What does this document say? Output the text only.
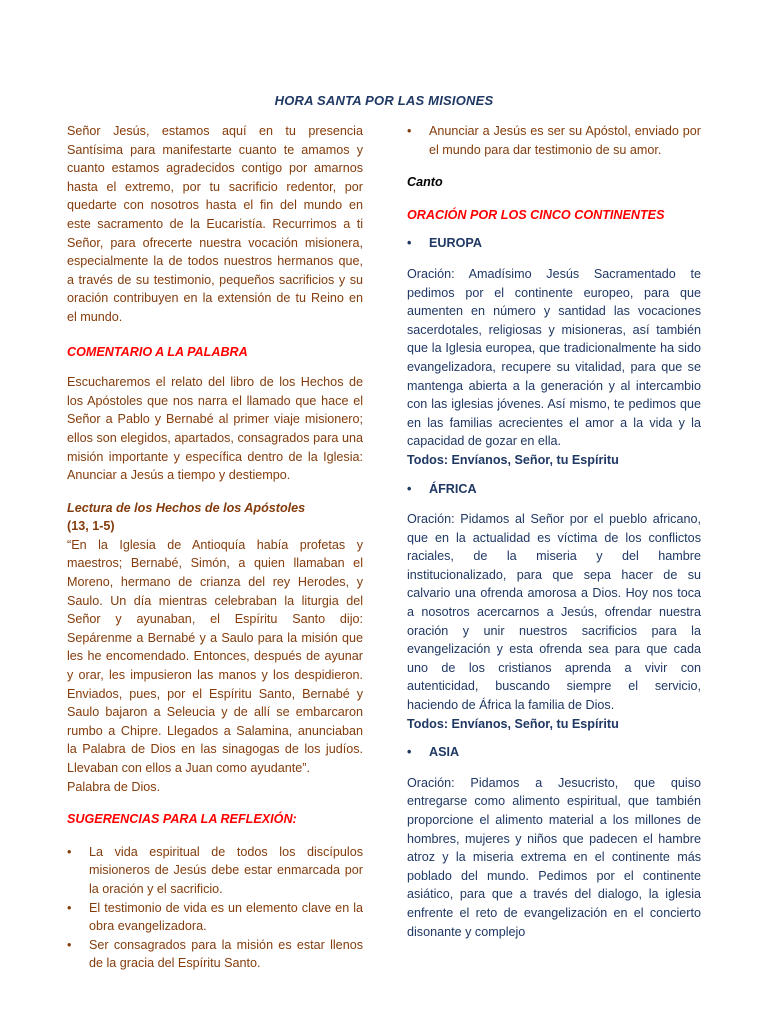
HORA SANTA POR LAS MISIONES

Señor Jesús, estamos aquí en tu presencia Santísima para manifestarte cuanto te amamos y cuanto estamos agradecidos contigo por amarnos hasta el extremo, por tu sacrificio redentor, por quedarte con nosotros hasta el fin del mundo en este sacramento de la Eucaristía. Recurrimos a ti Señor, para ofrecerte nuestra vocación misionera, especialmente la de todos nuestros hermanos que, a través de su testimonio, pequeños sacrificios y su oración contribuyen en la extensión de tu Reino en el mundo.

COMENTARIO A LA PALABRA

Escucharemos el relato del libro de los Hechos de los Apóstoles que nos narra el llamado que hace el Señor a Pablo y Bernabé al primer viaje misionero; ellos son elegidos, apartados, consagrados para una misión importante y específica dentro de la Iglesia: Anunciar a Jesús a tiempo y destiempo.

Lectura de los Hechos de los Apóstoles

(13, 1-5)

“En la Iglesia de Antioquía había profetas y maestros; Bernabé, Simón, a quien llamaban el Moreno, hermano de crianza del rey Herodes, y Saulo. Un día mientras celebraban la liturgia del Señor y ayunaban, el Espíritu Santo dijo: Sepárenme a Bernabé y a Saulo para la misión que les he encomendado. Entonces, después de ayunar y orar, les impusieron las manos y los despidieron. Enviados, pues, por el Espíritu Santo, Bernabé y Saulo bajaron a Seleucia y de allí se embarcaron rumbo a Chipre. Llegados a Salamina, anunciaban la Palabra de Dios en las sinagogas de los judíos. Llevaban con ellos a Juan como ayudante”.

Palabra de Dios.

SUGERENCIAS PARA LA REFLEXIÓN:

• La vida espiritual de todos los discípulos misioneros de Jesús debe estar enmarcada por la oración y el sacrificio.
• El testimonio de vida es un elemento clave en la obra evangelizadora.
• Ser consagrados para la misión es estar llenos de la gracia del Espíritu Santo.
• Anunciar a Jesús es ser su Apóstol, enviado por el mundo para dar testimonio de su amor.

Canto

ORACIÓN POR LOS CINCO CONTINENTES

• EUROPA

Oración: Amadísimo Jesús Sacramentado te pedimos por el continente europeo, para que aumenten en número y santidad las vocaciones sacerdotales, religiosas y misioneras, así también que la Iglesia europea, que tradicionalmente ha sido evangelizadora, recupere su vitalidad, para que se mantenga abierta a la generación y al intercambio con las iglesias jóvenes. Así mismo, te pedimos que en las familias acrecientes el amor a la vida y la capacidad de gozar en ella.

Todos: Envíanos, Señor, tu Espíritu

• ÁFRICA

Oración: Pidamos al Señor por el pueblo africano, que en la actualidad es víctima de los conflictos raciales, de la miseria y del hambre institucionalizado, para que sepa hacer de su calvario una ofrenda amorosa a Dios. Hoy nos toca a nosotros acercarnos a Jesús, ofrendar nuestra oración y unir nuestros sacrificios para la evangelización y esta ofrenda sea para que cada uno de los cristianos aprenda a vivir con autenticidad, buscando siempre el servicio, haciendo de África la familia de Dios.

Todos: Envíanos, Señor, tu Espíritu

• ASIA

Oración: Pidamos a Jesucristo, que quiso entregarse como alimento espiritual, que también proporcione el alimento material a los millones de hombres, mujeres y niños que padecen el hambre atroz y la miseria extrema en el continente más poblado del mundo. Pedimos por el continente asiático, para que a través del dialogo, la iglesia enfrente el reto de evangelización en el concierto disonante y complejo
